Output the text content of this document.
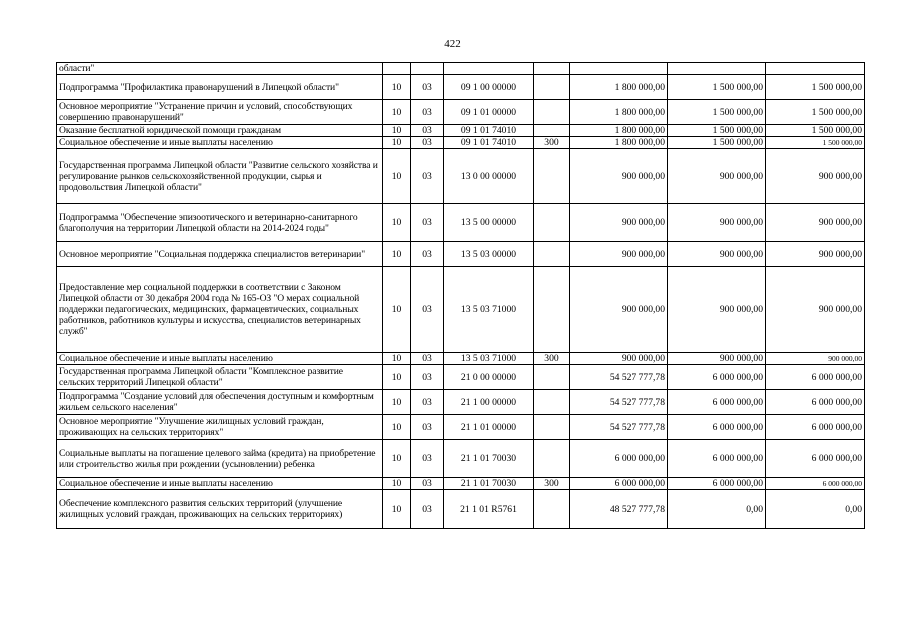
422
области"							
Подпрограмма "Профилактика правонарушений в Липецкой области"	10	03	09 1 00 00000		1 800 000,00	1 500 000,00	1 500 000,00
Основное мероприятие "Устранение причин и условий, способствующих совершению правонарушений"	10	03	09 1 01 00000		1 800 000,00	1 500 000,00	1 500 000,00
Оказание бесплатной юридической помощи гражданам	10	03	09 1 01 74010		1 800 000,00	1 500 000,00	1 500 000,00
Социальное обеспечение и иные выплаты населению	10	03	09 1 01 74010	300	1 800 000,00	1 500 000,00	1 500 000,00
Государственная программа Липецкой области "Развитие сельского хозяйства и регулирование рынков сельскохозяйственной продукции, сырья и продовольствия Липецкой области"	10	03	13 0 00 00000		900 000,00	900 000,00	900 000,00
Подпрограмма "Обеспечение эпизоотического и ветеринарно-санитарного благополучия на территории Липецкой области на 2014-2024 годы"	10	03	13 5 00 00000		900 000,00	900 000,00	900 000,00
Основное мероприятие "Социальная поддержка специалистов ветеринарии"	10	03	13 5 03 00000		900 000,00	900 000,00	900 000,00
Предоставление мер социальной поддержки в соответствии с Законом Липецкой области от 30 декабря 2004 года № 165-ОЗ "О мерах социальной поддержки педагогических, медицинских, фармацевтических, социальных работников, работников культуры и искусства, специалистов ветеринарных служб"	10	03	13 5 03 71000		900 000,00	900 000,00	900 000,00
Социальное обеспечение и иные выплаты населению	10	03	13 5 03 71000	300	900 000,00	900 000,00	900 000,00
Государственная программа Липецкой области "Комплексное развитие сельских территорий Липецкой области"	10	03	21 0 00 00000		54 527 777,78	6 000 000,00	6 000 000,00
Подпрограмма "Создание условий для обеспечения доступным и комфортным жильем сельского населения"	10	03	21 1 00 00000		54 527 777,78	6 000 000,00	6 000 000,00
Основное мероприятие "Улучшение жилищных условий граждан, проживающих на сельских территориях"	10	03	21 1 01 00000		54 527 777,78	6 000 000,00	6 000 000,00
Социальные выплаты на погашение целевого займа (кредита) на приобретение или строительство жилья при рождении (усыновлении) ребенка	10	03	21 1 01 70030		6 000 000,00	6 000 000,00	6 000 000,00
Социальное обеспечение и иные выплаты населению	10	03	21 1 01 70030	300	6 000 000,00	6 000 000,00	6 000 000,00
Обеспечение комплексного развития сельских территорий (улучшение жилищных условий граждан, проживающих на сельских территориях)	10	03	21 1 01 R5761		48 527 777,78	0,00	0,00
